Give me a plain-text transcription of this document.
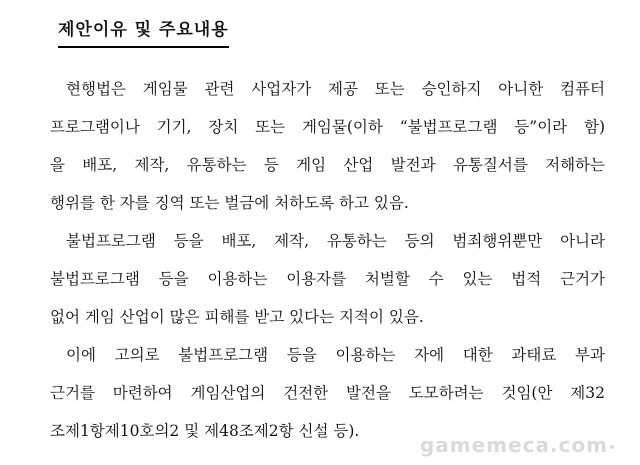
제안이유 및 주요내용
현행법은 게임물 관련 사업자가 제공 또는 승인하지 아니한 컴퓨터
프로그램이나 기기, 장치 또는 게임물(이하 “불법프로그램 등”이라 함)
을 배포, 제작, 유통하는 등 게임 산업 발전과 유통질서를 저해하는
행위를 한 자를 징역 또는 벌금에 처하도록 하고 있음.
불법프로그램 등을 배포, 제작, 유통하는 등의 범죄행위뿐만 아니라
불법프로그램 등을 이용하는 이용자를 처벌할 수 있는 법적 근거가
없어 게임 산업이 많은 피해를 받고 있다는 지적이 있음.
이에 고의로 불법프로그램 등을 이용하는 자에 대한 과태료 부과
근거를 마련하여 게임산업의 건전한 발전을 도모하려는 것임(안 제32
조제1항제10호의2 및 제48조제2항 신설 등).
gamemeca.com
